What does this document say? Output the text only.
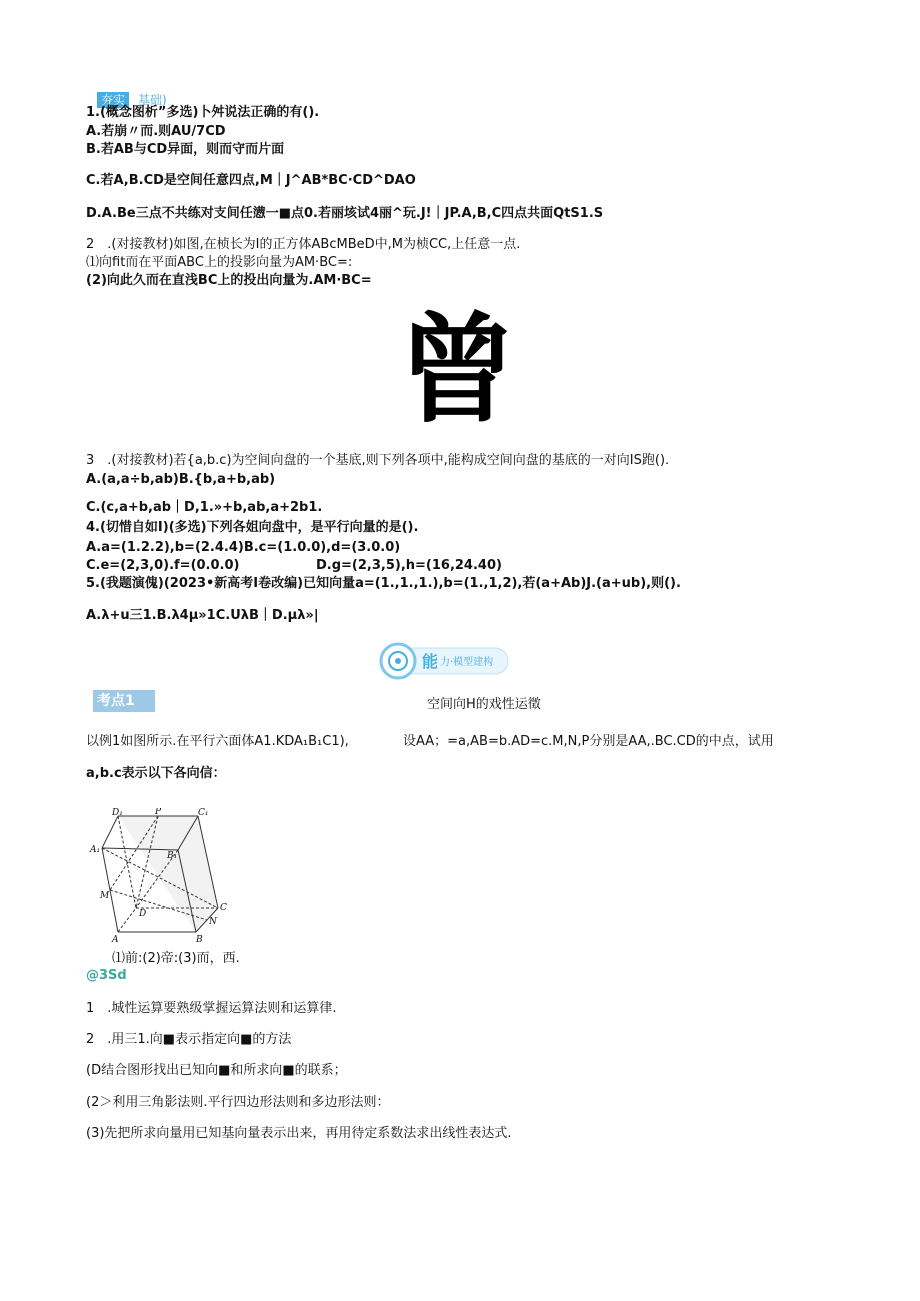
夯实	基础)
1.(概念图析”多选)卜舛说法正确的有().
A.若崩〃而.则AU/7CD
B.若AB与CD异面，则而守而片面
C.若A,B.CD是空间任意四点,M｜J^AB*BC·CD^DAO
D.A.Be三点不共练对支间任懑一■点0.若丽垓试4丽^玩.J!｜JP.A,B,C四点共面QtS1.S
2　.(对接教材)如图,在桢长为I的正方体ABcMBeD中,M为桢CC,上任意一点.
⑴向fit而在平面ABC上的投影向量为AM·BC=:
(2)向此久而在直浅BC上的投出向量为.AM·BC=
曾
3　.(对接教材)若{a,b.c)为空间向盘的一个基底,则下列各项中,能构成空间向盘的基底的一对向IS跑().
A.(a,a÷b,ab)B.{b,a+b,ab)
C.(c,a+b,ab｜D,1.»+b,ab,a+2b1.
4.(切惜自如I)(多选)下列各姐向盘中，是平行向量的是().
A.a=(1.2.2),b=(2.4.4)B.c=(1.0.0),d=(3.0.0)
C.e=(2,3,0).f=(0.0.0)	D.g=(2,3,5),h=(16,24.40)
5.(我题演傀)(2023•新高考I卷改编)已知向量a=(1.,1.,1.),b=(1.,1,2),若(a+Ab)J.(a+ub),则().
A.λ+u三1.B.λ4μ»1C.UλB｜D.μλ»|
能 力·模型建构
考点1	空间向H的戏性运徵
以例1如图所示.在平行六面体A1.KDA₁B₁C1),	设AA；=a,AB=b.AD=c.M,N,P分别是AA,.BC.CD的中点，试用
a,b.c表示以下各向信：
D₁	P	C₁
A₁
B₁
M
D
C
N
A	B
⑴前:(2)帝:(3)而，西.
@3Sd
1　.城性运算要熟级掌握运算法则和运算律.
2　.用三1.向■表示指定向■的方法
(D结合图形找出已知向■和所求向■的联系；
(2＞利用三角影法则.平行四边形法则和多边形法则：
(3)先把所求向量用已知基向量表示出来，再用待定系数法求出线性表达式.
